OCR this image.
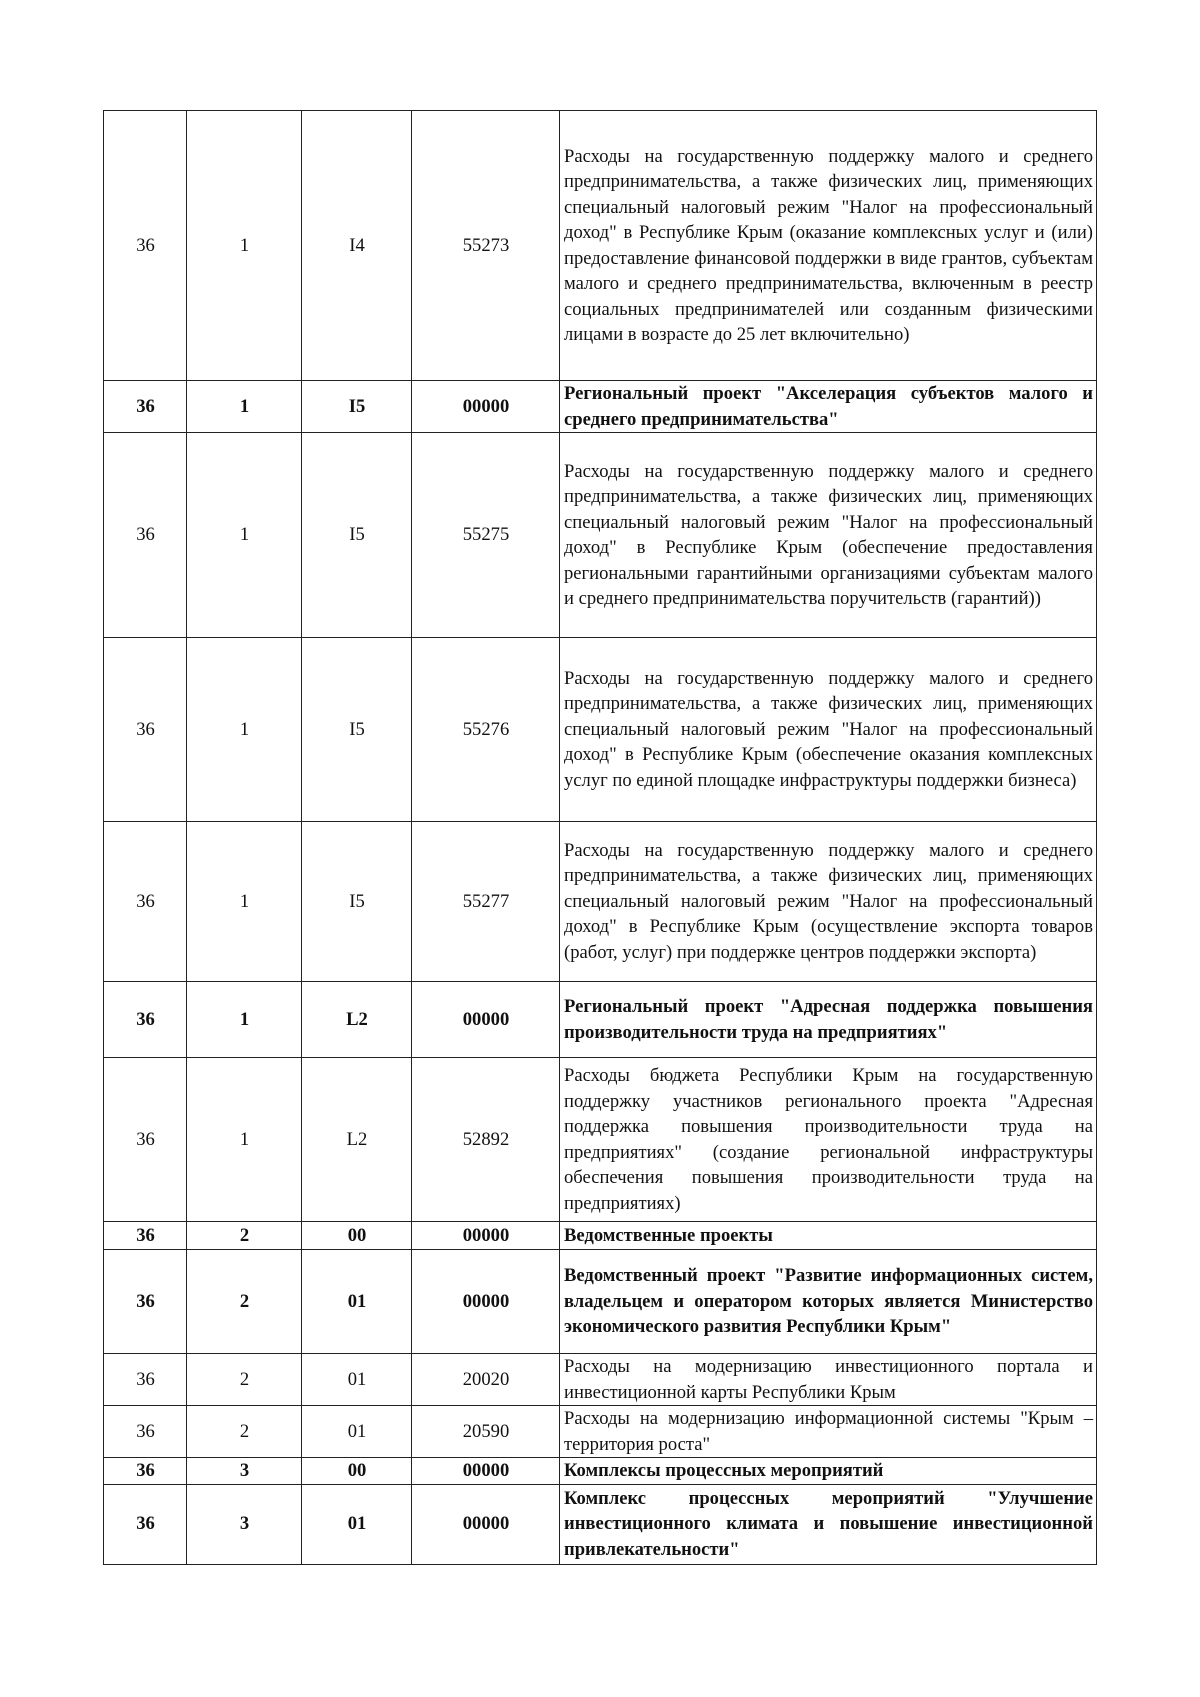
36	1	I4	55273	Расходы на государственную поддержку малого и среднего предпринимательства, а также физических лиц, применяющих специальный налоговый режим "Налог на профессиональный доход" в Республике Крым (оказание комплексных услуг и (или) предоставление финансовой поддержки в виде грантов, субъектам малого и среднего предпринимательства, включенным в реестр социальных предпринимателей или созданным физическими лицами в возрасте до 25 лет включительно)
36	1	I5	00000	Региональный проект "Акселерация субъектов малого и среднего предпринимательства"
36	1	I5	55275	Расходы на государственную поддержку малого и среднего предпринимательства, а также физических лиц, применяющих специальный налоговый режим "Налог на профессиональный доход" в Республике Крым (обеспечение предоставления региональными гарантийными организациями субъектам малого и среднего предпринимательства поручительств (гарантий))
36	1	I5	55276	Расходы на государственную поддержку малого и среднего предпринимательства, а также физических лиц, применяющих специальный налоговый режим "Налог на профессиональный доход" в Республике Крым (обеспечение оказания комплексных услуг по единой площадке инфраструктуры поддержки бизнеса)
36	1	I5	55277	Расходы на государственную поддержку малого и среднего предпринимательства, а также физических лиц, применяющих специальный налоговый режим "Налог на профессиональный доход" в Республике Крым (осуществление экспорта товаров (работ, услуг) при поддержке центров поддержки экспорта)
36	1	L2	00000	Региональный проект "Адресная поддержка повышения производительности труда на предприятиях"
36	1	L2	52892	Расходы бюджета Республики Крым на государственную поддержку участников регионального проекта "Адресная поддержка повышения производительности труда на предприятиях" (создание региональной инфраструктуры обеспечения повышения производительности труда на предприятиях)
36	2	00	00000	Ведомственные проекты
36	2	01	00000	Ведомственный проект "Развитие информационных систем, владельцем и оператором которых является Министерство экономического развития Республики Крым"
36	2	01	20020	Расходы на модернизацию инвестиционного портала и инвестиционной карты Республики Крым
36	2	01	20590	Расходы на модернизацию информационной системы "Крым – территория роста"
36	3	00	00000	Комплексы процессных мероприятий
36	3	01	00000	Комплекс процессных мероприятий "Улучшение инвестиционного климата и повышение инвестиционной привлекательности"
